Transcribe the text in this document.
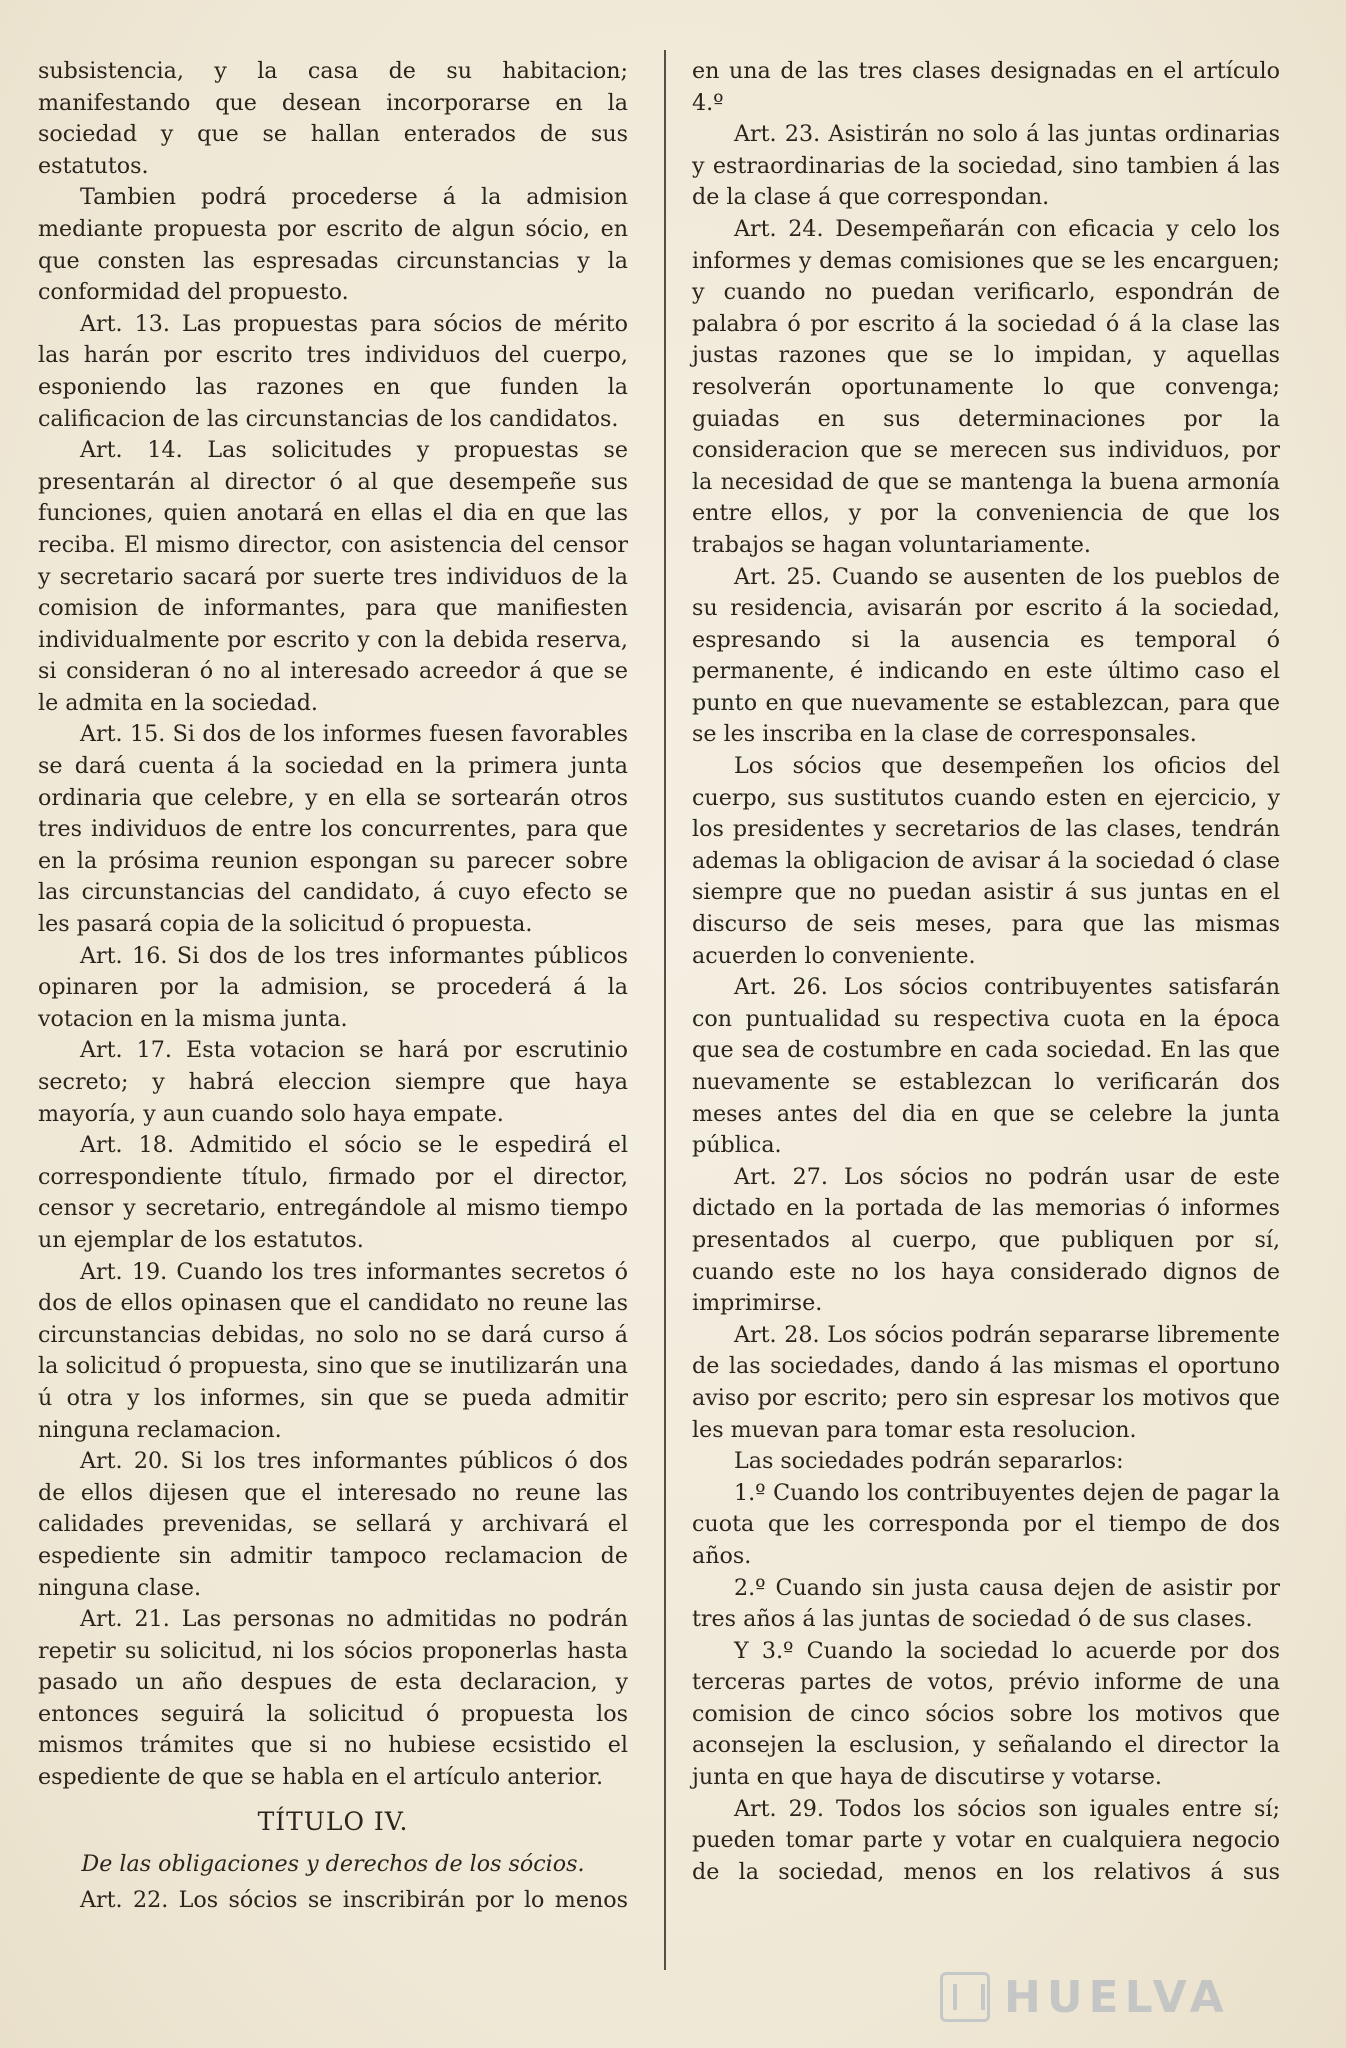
subsistencia, y la casa de su habitacion; manifestando que desean incorporarse en la sociedad y que se hallan enterados de sus estatutos.

Tambien podrá procederse á la admision mediante propuesta por escrito de algun sócio, en que consten las espresadas circunstancias y la conformidad del propuesto.

Art. 13. Las propuestas para sócios de mérito las harán por escrito tres individuos del cuerpo, esponiendo las razones en que funden la calificacion de las circunstancias de los candidatos.

Art. 14. Las solicitudes y propuestas se presentarán al director ó al que desempeñe sus funciones, quien anotará en ellas el dia en que las reciba. El mismo director, con asistencia del censor y secretario sacará por suerte tres individuos de la comision de informantes, para que manifiesten individualmente por escrito y con la debida reserva, si consideran ó no al interesado acreedor á que se le admita en la sociedad.

Art. 15. Si dos de los informes fuesen favorables se dará cuenta á la sociedad en la primera junta ordinaria que celebre, y en ella se sortearán otros tres individuos de entre los concurrentes, para que en la prósima reunion espongan su parecer sobre las circunstancias del candidato, á cuyo efecto se les pasará copia de la solicitud ó propuesta.

Art. 16. Si dos de los tres informantes públicos opinaren por la admision, se procederá á la votacion en la misma junta.

Art. 17. Esta votacion se hará por escrutinio secreto; y habrá eleccion siempre que haya mayoría, y aun cuando solo haya empate.

Art. 18. Admitido el sócio se le espedirá el correspondiente título, firmado por el director, censor y secretario, entregándole al mismo tiempo un ejemplar de los estatutos.

Art. 19. Cuando los tres informantes secretos ó dos de ellos opinasen que el candidato no reune las circunstancias debidas, no solo no se dará curso á la solicitud ó propuesta, sino que se inutilizarán una ú otra y los informes, sin que se pueda admitir ninguna reclamacion.

Art. 20. Si los tres informantes públicos ó dos de ellos dijesen que el interesado no reune las calidades prevenidas, se sellará y archivará el espediente sin admitir tampoco reclamacion de ninguna clase.

Art. 21. Las personas no admitidas no podrán repetir su solicitud, ni los sócios proponerlas hasta pasado un año despues de esta declaracion, y entonces seguirá la solicitud ó propuesta los mismos trámites que si no hubiese ecsistido el espediente de que se habla en el artículo anterior.

TÍTULO IV.

De las obligaciones y derechos de los sócios.

Art. 22. Los sócios se inscribirán por lo menos

en una de las tres clases designadas en el artículo 4.º

Art. 23. Asistirán no solo á las juntas ordinarias y estraordinarias de la sociedad, sino tambien á las de la clase á que correspondan.

Art. 24. Desempeñarán con eficacia y celo los informes y demas comisiones que se les encarguen; y cuando no puedan verificarlo, espondrán de palabra ó por escrito á la sociedad ó á la clase las justas razones que se lo impidan, y aquellas resolverán oportunamente lo que convenga; guiadas en sus determinaciones por la consideracion que se merecen sus individuos, por la necesidad de que se mantenga la buena armonía entre ellos, y por la conveniencia de que los trabajos se hagan voluntariamente.

Art. 25. Cuando se ausenten de los pueblos de su residencia, avisarán por escrito á la sociedad, espresando si la ausencia es temporal ó permanente, é indicando en este último caso el punto en que nuevamente se establezcan, para que se les inscriba en la clase de corresponsales.

Los sócios que desempeñen los oficios del cuerpo, sus sustitutos cuando esten en ejercicio, y los presidentes y secretarios de las clases, tendrán ademas la obligacion de avisar á la sociedad ó clase siempre que no puedan asistir á sus juntas en el discurso de seis meses, para que las mismas acuerden lo conveniente.

Art. 26. Los sócios contribuyentes satisfarán con puntualidad su respectiva cuota en la época que sea de costumbre en cada sociedad. En las que nuevamente se establezcan lo verificarán dos meses antes del dia en que se celebre la junta pública.

Art. 27. Los sócios no podrán usar de este dictado en la portada de las memorias ó informes presentados al cuerpo, que publiquen por sí, cuando este no los haya considerado dignos de imprimirse.

Art. 28. Los sócios podrán separarse libremente de las sociedades, dando á las mismas el oportuno aviso por escrito; pero sin espresar los motivos que les muevan para tomar esta resolucion.

Las sociedades podrán separarlos:

1.º Cuando los contribuyentes dejen de pagar la cuota que les corresponda por el tiempo de dos años.

2.º Cuando sin justa causa dejen de asistir por tres años á las juntas de sociedad ó de sus clases.

Y 3.º Cuando la sociedad lo acuerde por dos terceras partes de votos, prévio informe de una comision de cinco sócios sobre los motivos que aconsejen la esclusion, y señalando el director la junta en que haya de discutirse y votarse.

Art. 29. Todos los sócios son iguales entre sí; pueden tomar parte y votar en cualquiera negocio de la sociedad, menos en los relativos á sus

HUELVA
